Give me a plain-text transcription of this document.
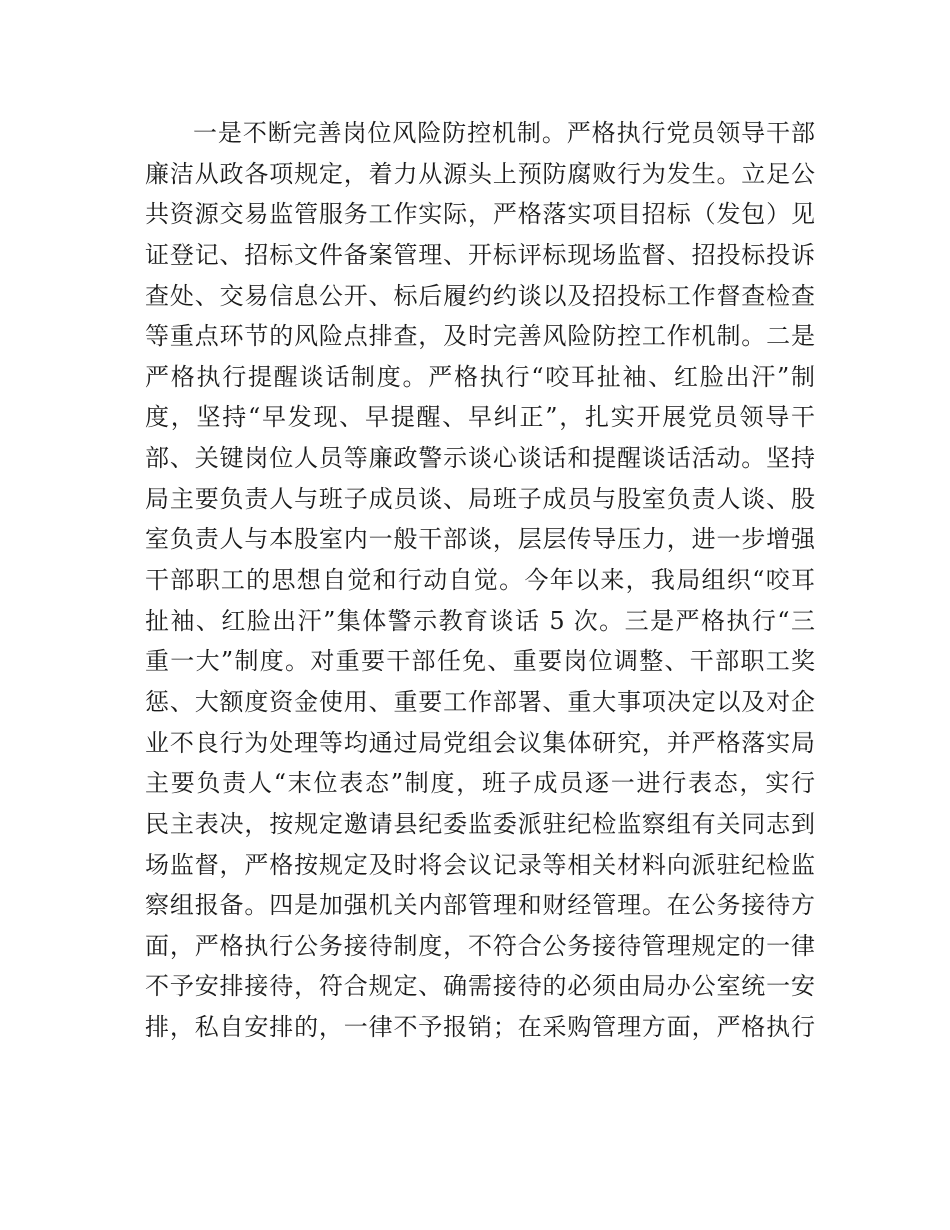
一是不断完善岗位风险防控机制。严格执行党员领导干部
廉洁从政各项规定，着力从源头上预防腐败行为发生。立足公
共资源交易监管服务工作实际，严格落实项目招标（发包）见
证登记、招标文件备案管理、开标评标现场监督、招投标投诉
查处、交易信息公开、标后履约约谈以及招投标工作督查检查
等重点环节的风险点排查，及时完善风险防控工作机制。二是
严格执行提醒谈话制度。严格执行“咬耳扯袖、红脸出汗”制
度，坚持“早发现、早提醒、早纠正”，扎实开展党员领导干
部、关键岗位人员等廉政警示谈心谈话和提醒谈话活动。坚持
局主要负责人与班子成员谈、局班子成员与股室负责人谈、股
室负责人与本股室内一般干部谈，层层传导压力，进一步增强
干部职工的思想自觉和行动自觉。今年以来，我局组织“咬耳
扯袖、红脸出汗”集体警示教育谈话 5 次。三是严格执行“三
重一大”制度。对重要干部任免、重要岗位调整、干部职工奖
惩、大额度资金使用、重要工作部署、重大事项决定以及对企
业不良行为处理等均通过局党组会议集体研究，并严格落实局
主要负责人“末位表态”制度，班子成员逐一进行表态，实行
民主表决，按规定邀请县纪委监委派驻纪检监察组有关同志到
场监督，严格按规定及时将会议记录等相关材料向派驻纪检监
察组报备。四是加强机关内部管理和财经管理。在公务接待方
面，严格执行公务接待制度，不符合公务接待管理规定的一律
不予安排接待，符合规定、确需接待的必须由局办公室统一安
排，私自安排的，一律不予报销；在采购管理方面，严格执行
